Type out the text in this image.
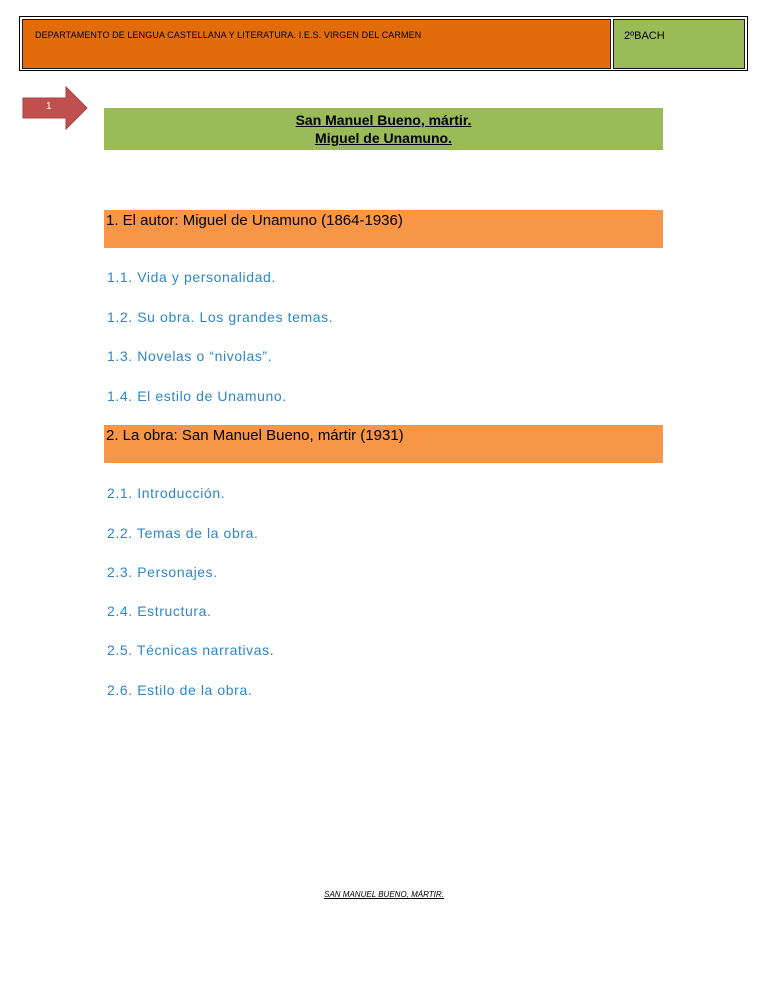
DEPARTAMENTO DE LENGUA CASTELLANA Y LITERATURA. I.E.S. VIRGEN DEL CARMEN	2ºBACH
1
San Manuel Bueno, mártir.
Miguel de Unamuno.
1. El autor: Miguel de Unamuno (1864-1936)
1.1. Vida y personalidad.
1.2. Su obra. Los grandes temas.
1.3. Novelas o “nivolas”.
1.4. El estilo de Unamuno.
2. La obra: San Manuel Bueno, mártir (1931)
2.1. Introducción.
2.2. Temas de la obra.
2.3. Personajes.
2.4. Estructura.
2.5. Técnicas narrativas.
2.6. Estilo de la obra.
SAN MANUEL BUENO, MÁRTIR.
